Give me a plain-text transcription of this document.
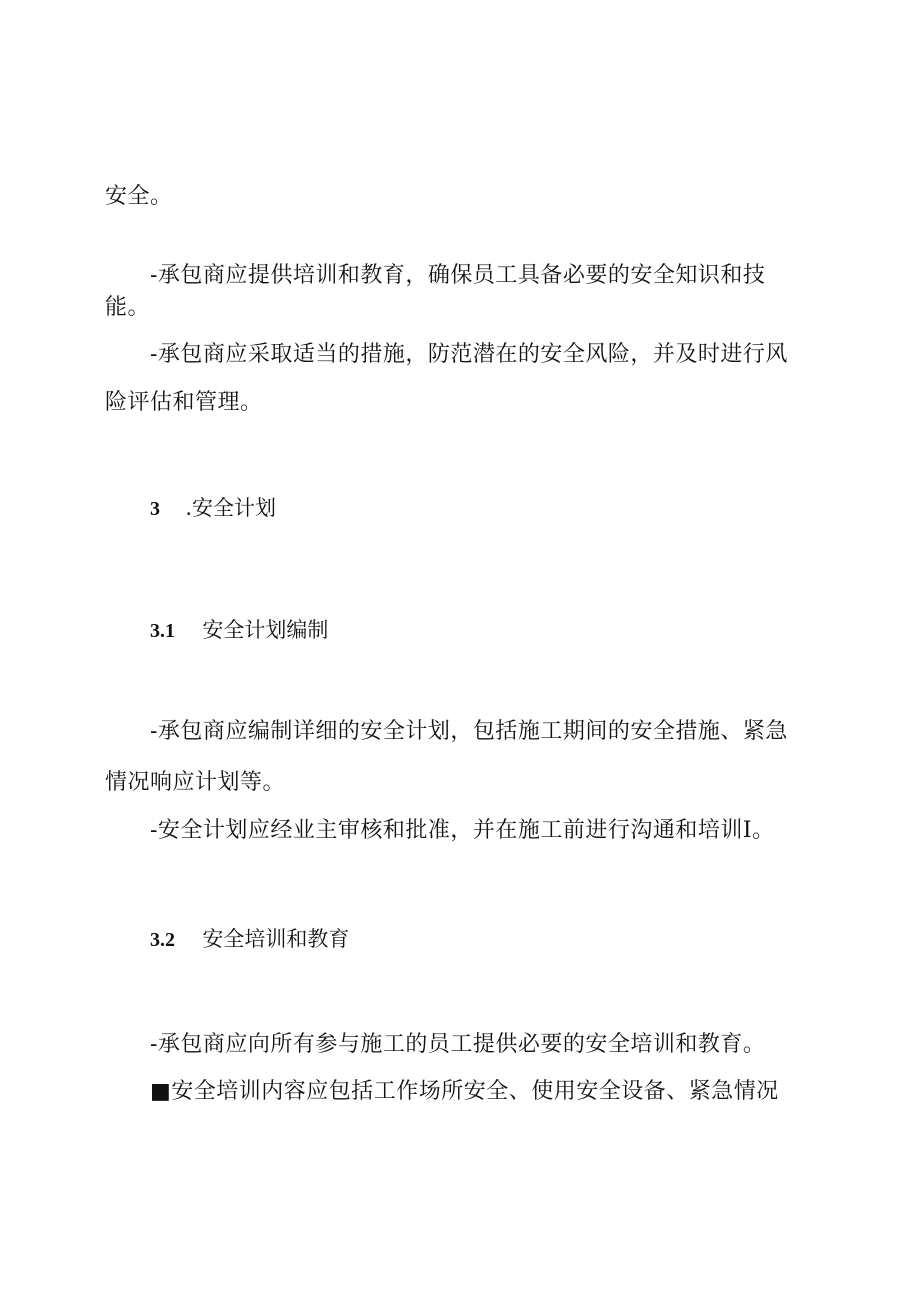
安全。
-承包商应提供培训和教育，确保员工具备必要的安全知识和技
能。
-承包商应采取适当的措施，防范潜在的安全风险，并及时进行风
险评估和管理。
3 .安全计划
3.1 安全计划编制
-承包商应编制详细的安全计划，包括施工期间的安全措施、紧急
情况响应计划等。
-安全计划应经业主审核和批准，并在施工前进行沟通和培训Ⅰ。
3.2 安全培训和教育
-承包商应向所有参与施工的员工提供必要的安全培训和教育。
■安全培训内容应包括工作场所安全、使用安全设备、紧急情况
